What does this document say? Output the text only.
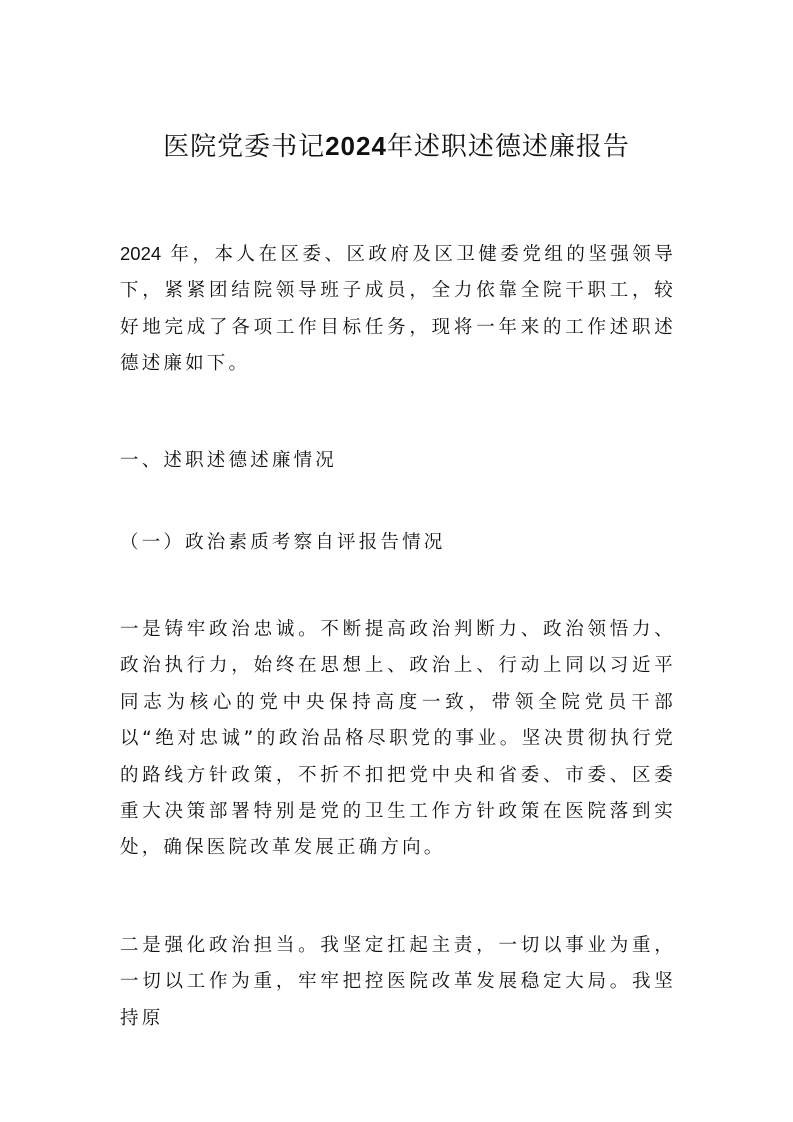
医院党委书记2024年述职述德述廉报告

2024 年，本人在区委、区政府及区卫健委党组的坚强领导下，紧紧团结院领导班子成员，全力依靠全院干职工，较好地完成了各项工作目标任务，现将一年来的工作述职述德述廉如下。

一、述职述德述廉情况

（一）政治素质考察自评报告情况

一是铸牢政治忠诚。不断提高政治判断力、政治领悟力、政治执行力，始终在思想上、政治上、行动上同以习近平同志为核心的党中央保持高度一致，带领全院党员干部以“绝对忠诚”的政治品格尽职党的事业。坚决贯彻执行党的路线方针政策，不折不扣把党中央和省委、市委、区委重大决策部署特别是党的卫生工作方针政策在医院落到实处，确保医院改革发展正确方向。

二是强化政治担当。我坚定扛起主责，一切以事业为重，一切以工作为重，牢牢把控医院改革发展稳定大局。我坚持原
